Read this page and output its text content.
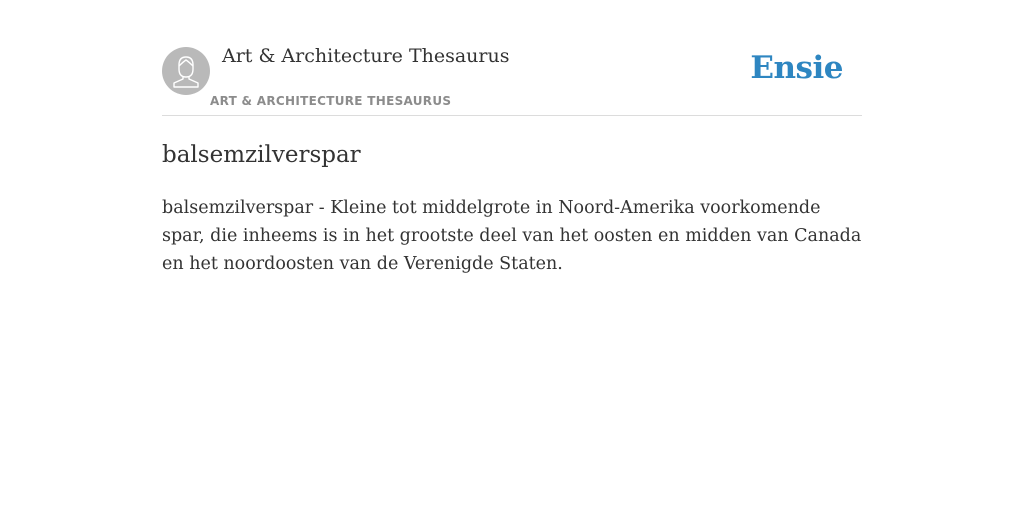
Art & Architecture Thesaurus
ART & ARCHITECTURE THESAURUS
Ensie
balsemzilverspar

balsemzilverspar - Kleine tot middelgrote in Noord-Amerika voorkomende spar, die inheems is in het grootste deel van het oosten en midden van Canada en het noordoosten van de Verenigde Staten.
